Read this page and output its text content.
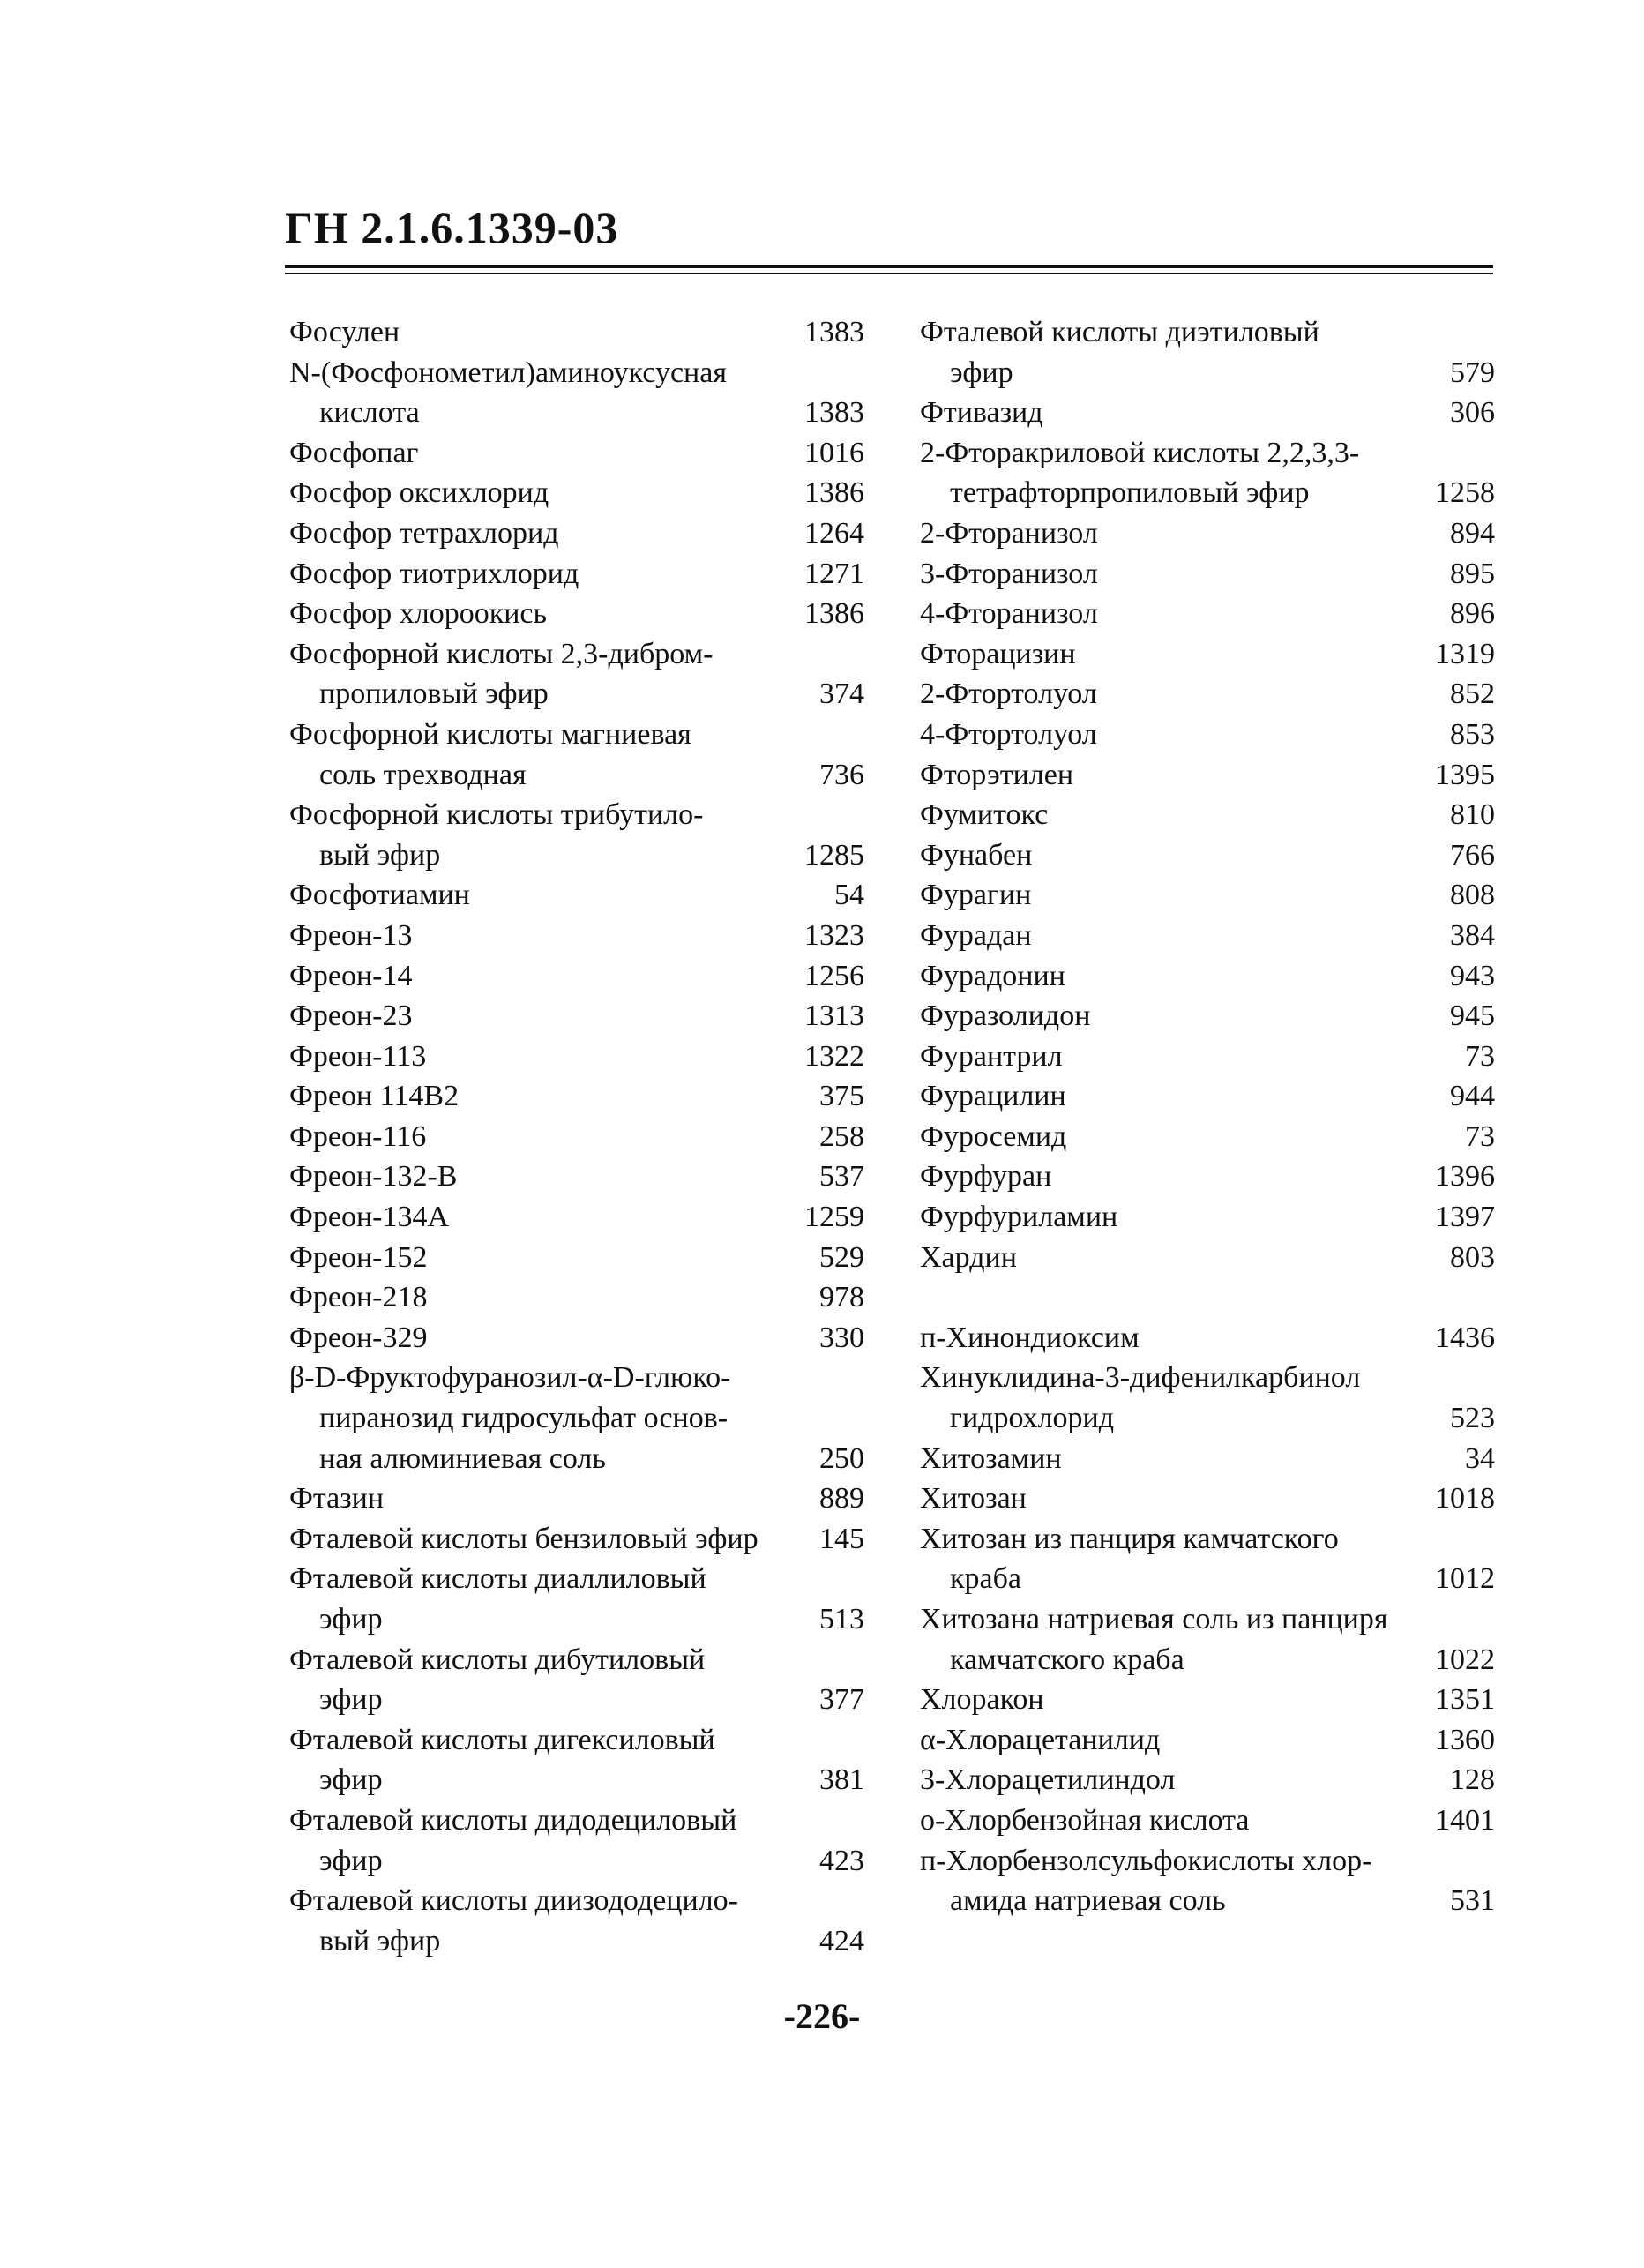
ГН 2.1.6.1339-03
Фосулен	1383
N-(Фосфонометил)аминоуксусная
кислота	1383
Фосфопаг	1016
Фосфор оксихлорид	1386
Фосфор тетрахлорид	1264
Фосфор тиотрихлорид	1271
Фосфор хлороокись	1386
Фосфорной кислоты 2,3-дибром-
пропиловый эфир	374
Фосфорной кислоты магниевая
соль трехводная	736
Фосфорной кислоты трибутило-
вый эфир	1285
Фосфотиамин	54
Фреон-13	1323
Фреон-14	1256
Фреон-23	1313
Фреон-113	1322
Фреон 114В2	375
Фреон-116	258
Фреон-132-В	537
Фреон-134А	1259
Фреон-152	529
Фреон-218	978
Фреон-329	330
β-D-Фруктофуранозил-α-D-глюко-
пиранозид гидросульфат основ-
ная алюминиевая соль	250
Фтазин	889
Фталевой кислоты бензиловый эфир 145
Фталевой кислоты диаллиловый
эфир	513
Фталевой кислоты дибутиловый
эфир	377
Фталевой кислоты дигексиловый
эфир	381
Фталевой кислоты дидодециловый
эфир	423
Фталевой кислоты диизододецило-
вый эфир	424
Фталевой кислоты диэтиловый
эфир	579
Фтивазид	306
2-Фторакриловой кислоты 2,2,3,3-
тетрафторпропиловый эфир	1258
2-Фторанизол	894
3-Фторанизол	895
4-Фторанизол	896
Фторацизин	1319
2-Фтортолуол	852
4-Фтортолуол	853
Фторэтилен	1395
Фумитокс	810
Фунабен	766
Фурагин	808
Фурадан	384
Фурадонин	943
Фуразолидон	945
Фурантрил	73
Фурацилин	944
Фуросемид	73
Фурфуран	1396
Фурфуриламин	1397
Хардин	803
п-Хинондиоксим	1436
Хинуклидина-3-дифенилкарбинол
гидрохлорид	523
Хитозамин	34
Хитозан	1018
Хитозан из панциря камчатского
краба	1012
Хитозана натриевая соль из панциря
камчатского краба	1022
Хлоракон	1351
α-Хлорацетанилид	1360
3-Хлорацетилиндол	128
о-Хлорбензойная кислота	1401
п-Хлорбензолсульфокислоты хлор-
амида натриевая соль	531
-226-
